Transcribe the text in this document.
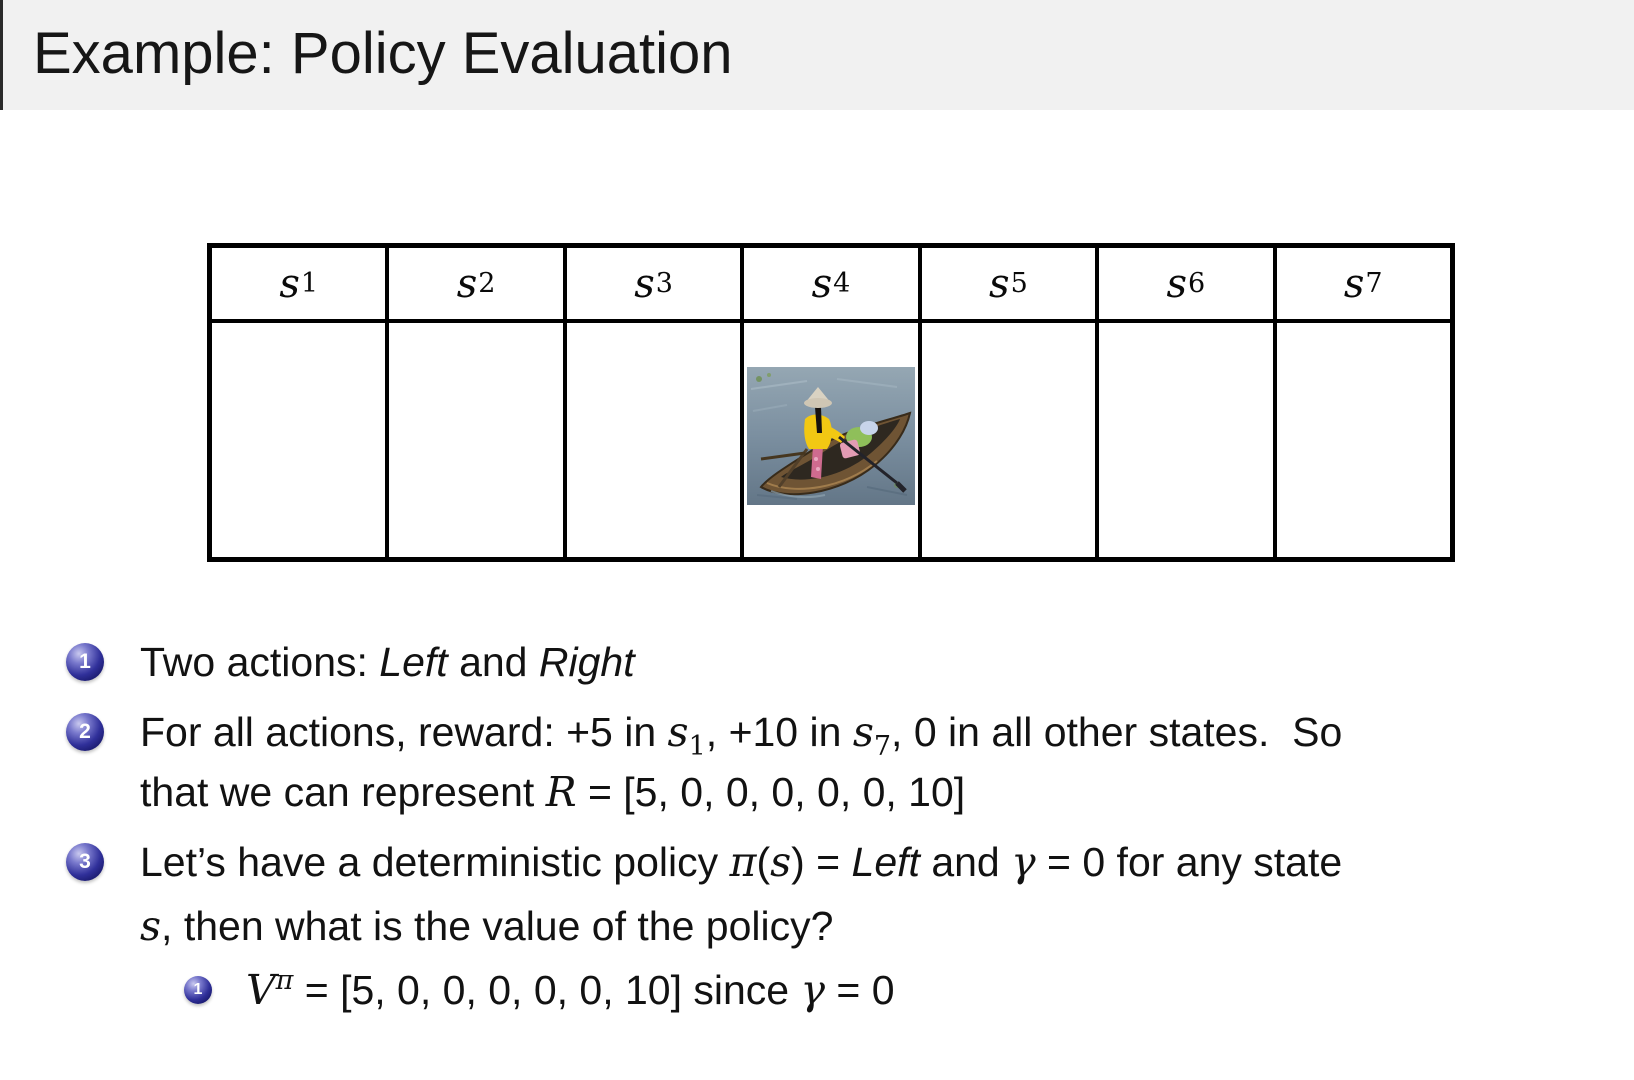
Example: Policy Evaluation
s 1	s 2	s 3	s 4	s 5	s 6	s 7
1 Two actions: Left and Right
2 For all actions, reward: +5 in $s_1$, +10 in $s_7$, 0 in all other states.  So
that we can represent R = [5, 0, 0, 0, 0, 0, 10]
3 Let’s have a deterministic policy π(s) = Left and γ = 0 for any state
s, then what is the value of the policy?
1 $V^\pi = [5$, 0, 0, 0, 0, 0, 10] since γ = 0
